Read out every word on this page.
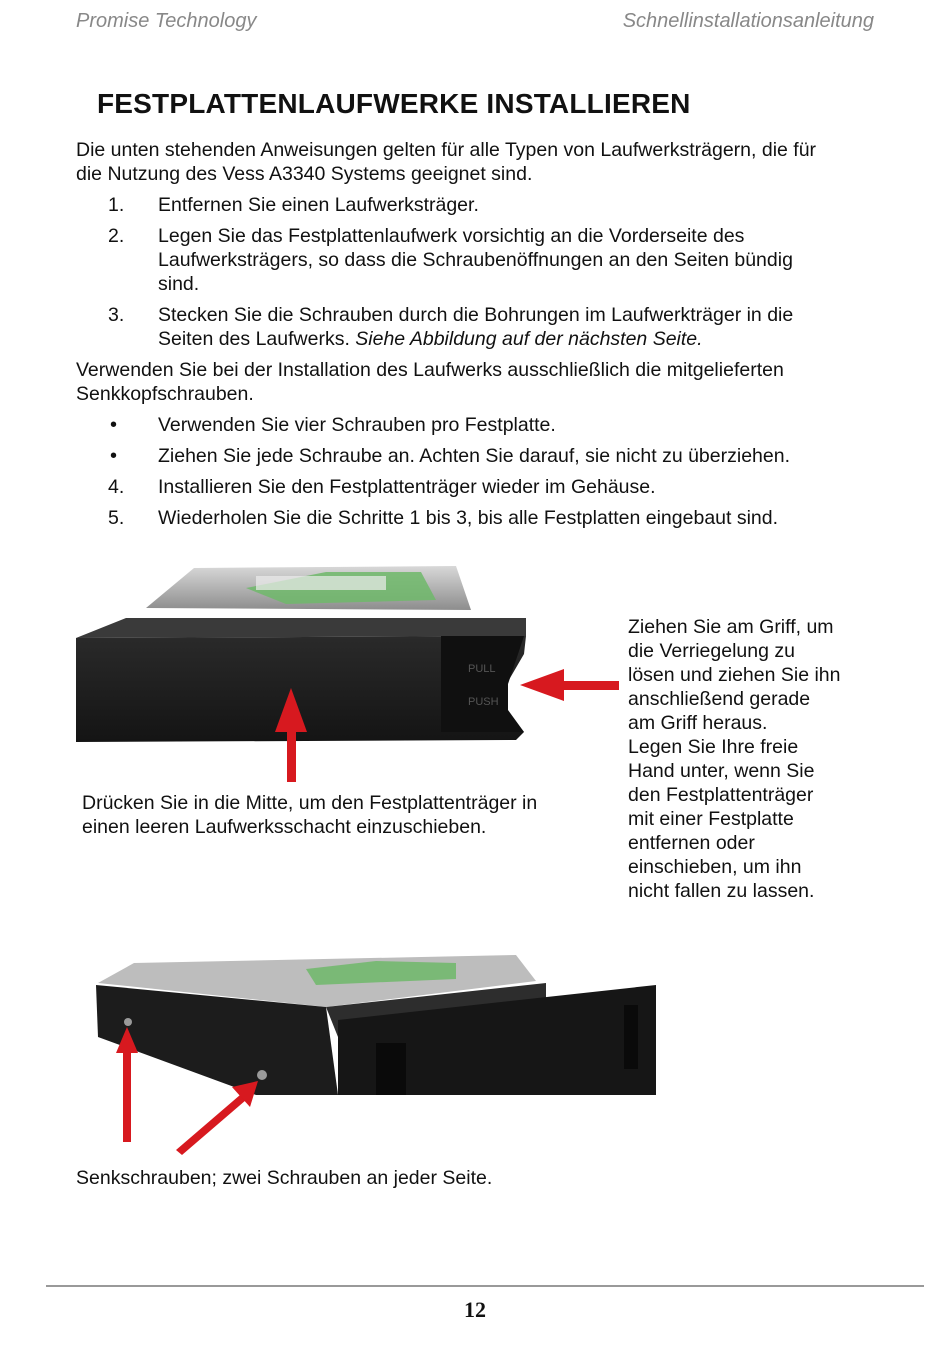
Promise Technology	Schnellinstallationsanleitung
FESTPLATTENLAUFWERKE INSTALLIEREN

Die unten stehenden Anweisungen gelten für alle Typen von Laufwerksträgern, die für

die Nutzung des Vess A3340 Systems geeignet sind.

1. Entfernen Sie einen Laufwerksträger.
2. Legen Sie das Festplattenlaufwerk vorsichtig an die Vorderseite des
Laufwerksträgers, so dass die Schraubenöffnungen an den Seiten bündig
sind.
3. Stecken Sie die Schrauben durch die Bohrungen im Laufwerkträger in die
Seiten des Laufwerks. Siehe Abbildung auf der nächsten Seite.

Verwenden Sie bei der Installation des Laufwerks ausschließlich die mitgelieferten

Senkkopfschrauben.

• Verwenden Sie vier Schrauben pro Festplatte.
• Ziehen Sie jede Schraube an. Achten Sie darauf, sie nicht zu überziehen.
4. Installieren Sie den Festplattenträger wieder im Gehäuse.
5. Wiederholen Sie die Schritte 1 bis 3, bis alle Festplatten eingebaut sind.
PULL
PUSH
Drücken Sie in die Mitte, um den Festplattenträger in
einen leeren Laufwerksschacht einzuschieben.
Ziehen Sie am Griff, um
die Verriegelung zu
lösen und ziehen Sie ihn
anschließend gerade
am Griff heraus.
Legen Sie Ihre freie
Hand unter, wenn Sie
den Festplattenträger
mit einer Festplatte
entfernen oder
einschieben, um ihn
nicht fallen zu lassen.

Senkschrauben; zwei Schrauben an jeder Seite.

12
